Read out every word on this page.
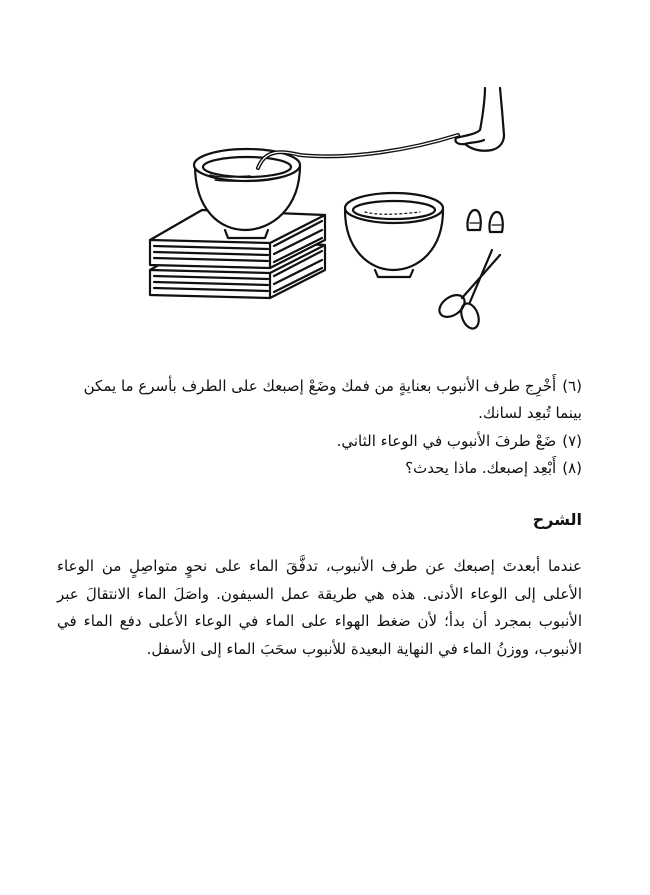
(٦)أَخْرِج طرف الأنبوب بعنايةٍ من فمك وضَعْ إصبعك على الطرف بأسرع ما يمكن بينما تُبعِد لسانك.

(٧)ضَعْ طرفَ الأنبوب في الوعاء الثاني.

(٨)أَبْعِد إصبعك. ماذا يحدث؟

الشرح

عندما أبعدتَ إصبعك عن طرف الأنبوب، تدفَّقَ الماء على نحوٍ متواصِلٍ من الوعاء الأعلى إلى الوعاء الأدنى. هذه هي طريقة عمل السيفون. واصَلَ الماء الانتقالَ عبر الأنبوب بمجرد أن بدأ؛ لأن ضغط الهواء على الماء في الوعاء الأعلى دفع الماء في الأنبوب، ووزنُ الماء في النهاية البعيدة للأنبوب سحَبَ الماء إلى الأسفل.
